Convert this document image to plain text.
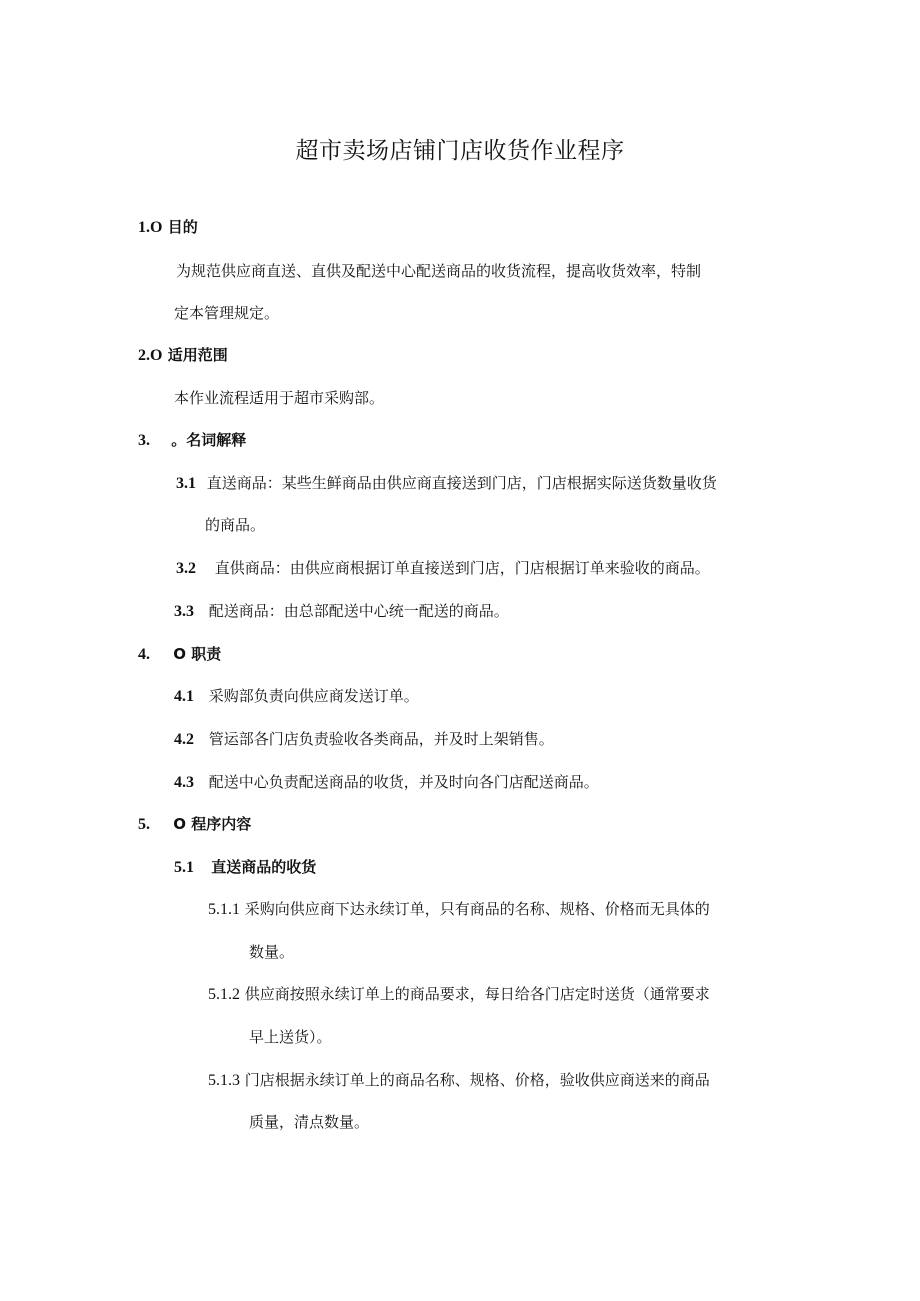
超市卖场店铺门店收货作业程序
1.O 目的
为规范供应商直送、直供及配送中心配送商品的收货流程，提高收货效率，特制
定本管理规定。
2.O 适用范围
本作业流程适用于超市采购部。
3. 。名词解释
3.1 直送商品：某些生鲜商品由供应商直接送到门店，门店根据实际送货数量收货
的商品。
3.2 直供商品：由供应商根据订单直接送到门店，门店根据订单来验收的商品。
3.3 配送商品：由总部配送中心统一配送的商品。
4. O 职责
4.1 采购部负责向供应商发送订单。
4.2 管运部各门店负责验收各类商品，并及时上架销售。
4.3 配送中心负责配送商品的收货，并及时向各门店配送商品。
5. O 程序内容
5.1 直送商品的收货
5.1.1 采购向供应商下达永续订单，只有商品的名称、规格、价格而无具体的
数量。
5.1.2 供应商按照永续订单上的商品要求，每日给各门店定时送货（通常要求
早上送货）。
5.1.3 门店根据永续订单上的商品名称、规格、价格，验收供应商送来的商品
质量，清点数量。
